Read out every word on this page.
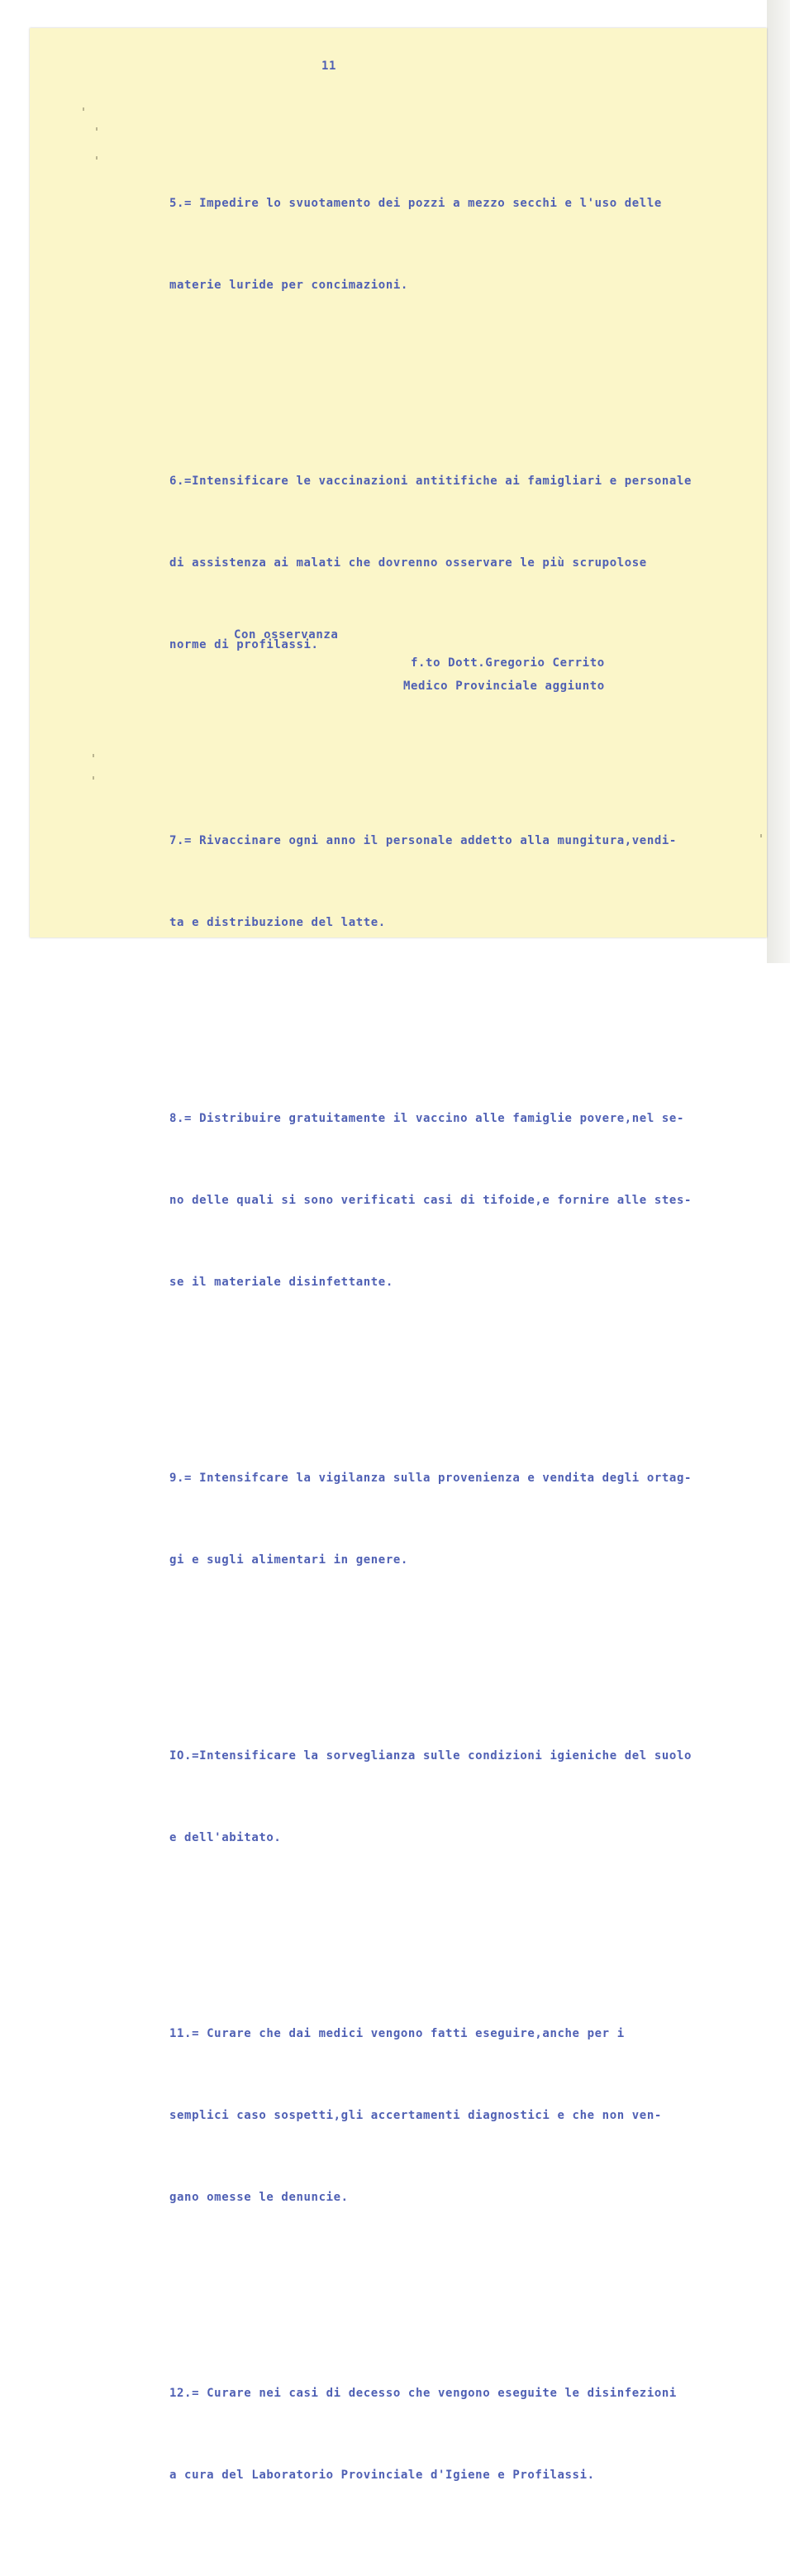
11

5.= Impedire lo svuotamento dei pozzi a mezzo secchi e l'uso delle

materie luride per concimazioni.

6.=Intensificare le vaccinazioni antitifiche ai famigliari e personale

di assistenza ai malati che dovrenno osservare le più scrupolose

norme di profilassi.

7.= Rivaccinare ogni anno il personale addetto alla mungitura,vendi-

ta e distribuzione del latte.

8.= Distribuire gratuitamente il vaccino alle famiglie povere,nel se-

no delle quali si sono verificati casi di tifoide,e fornire alle stes-

se il materiale disinfettante.

9.= Intensifcare la vigilanza sulla provenienza e vendita degli ortag-

gi e sugli alimentari in genere.

IO.=Intensificare la sorveglianza sulle condizioni igieniche del suolo

e dell'abitato.

11.= Curare che dai medici vengono fatti eseguire,anche per i

semplici caso sospetti,gli accertamenti diagnostici e che non ven-

gano omesse le denuncie.

12.= Curare nei casi di decesso che vengono eseguite le disinfezioni

a cura del Laboratorio Provinciale d'Igiene e Profilassi.

Con osservanza
f.to Dott.Gregorio Cerrito
Medico Provinciale aggiunto
